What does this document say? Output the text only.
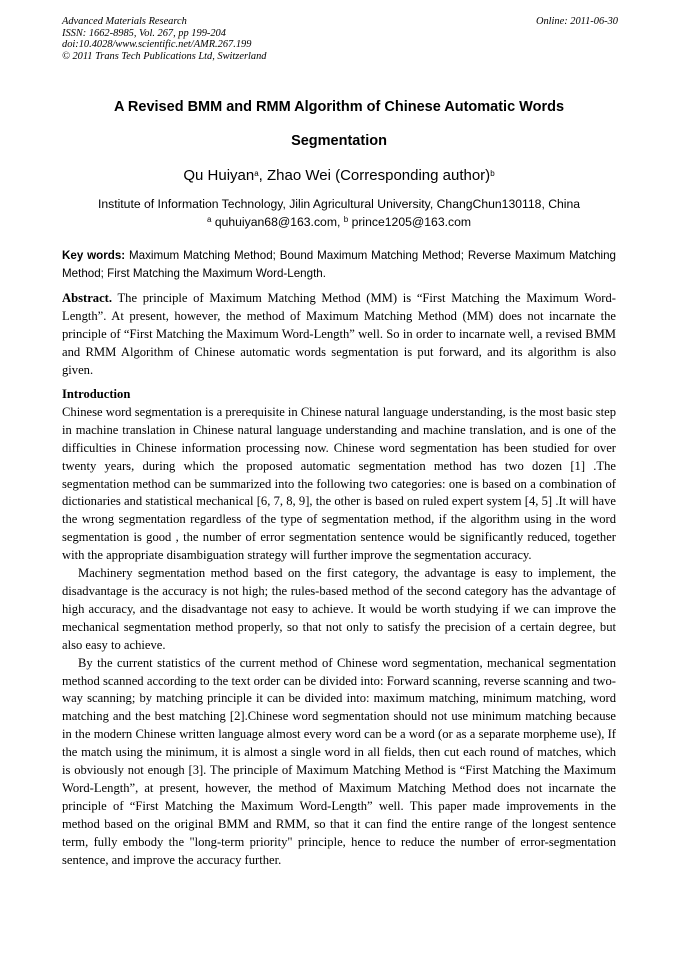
Advanced Materials Research
ISSN: 1662-8985, Vol. 267, pp 199-204
doi:10.4028/www.scientific.net/AMR.267.199
© 2011 Trans Tech Publications Ltd, Switzerland
Online: 2011-06-30
A Revised BMM and RMM Algorithm of Chinese Automatic Words
Segmentation
Qu Huiyan$^a$, Zhao Wei (Corresponding author)$^b$
Institute of Information Technology, Jilin Agricultural University, ChangChun130118, China
$^a$ quhuiyan68@163.com, $^b$ prince1205@163.com
Key words: Maximum Matching Method; Bound Maximum Matching Method; Reverse Maximum Matching Method; First Matching the Maximum Word-Length.
Abstract. The principle of Maximum Matching Method (MM) is “First Matching the Maximum Word-Length”. At present, however, the method of Maximum Matching Method (MM) does not incarnate the principle of “First Matching the Maximum Word-Length” well. So in order to incarnate well, a revised BMM and RMM Algorithm of Chinese automatic words segmentation is put forward, and its algorithm is also given.
Introduction

Chinese word segmentation is a prerequisite in Chinese natural language understanding, is the most basic step in machine translation in Chinese natural language understanding and machine translation, and is one of the difficulties in Chinese information processing now. Chinese word segmentation has been studied for over twenty years, during which the proposed automatic segmentation method has two dozen [1] .The segmentation method can be summarized into the following two categories: one is based on a combination of dictionaries and statistical mechanical [6, 7, 8, 9], the other is based on ruled expert system [4, 5] .It will have the wrong segmentation regardless of the type of segmentation method, if the algorithm using in the word segmentation is good , the number of error segmentation sentence would be significantly reduced, together with the appropriate disambiguation strategy will further improve the segmentation accuracy.

Machinery segmentation method based on the first category, the advantage is easy to implement, the disadvantage is the accuracy is not high; the rules-based method of the second category has the advantage of high accuracy, and the disadvantage not easy to achieve. It would be worth studying if we can improve the mechanical segmentation method properly, so that not only to satisfy the precision of a certain degree, but also easy to achieve.

By the current statistics of the current method of Chinese word segmentation, mechanical segmentation method scanned according to the text order can be divided into: Forward scanning, reverse scanning and two-way scanning; by matching principle it can be divided into: maximum matching, minimum matching, word matching and the best matching [2].Chinese word segmentation should not use minimum matching because in the modern Chinese written language almost every word can be a word (or as a separate morpheme use), If the match using the minimum, it is almost a single word in all fields, then cut each round of matches, which is obviously not enough [3]. The principle of Maximum Matching Method is “First Matching the Maximum Word-Length”, at present, however, the method of Maximum Matching Method does not incarnate the principle of “First Matching the Maximum Word-Length” well. This paper made improvements in the method based on the original BMM and RMM, so that it can find the entire range of the longest sentence term, fully embody the "long-term priority" principle, hence to reduce the number of error-segmentation sentence, and improve the accuracy further.
